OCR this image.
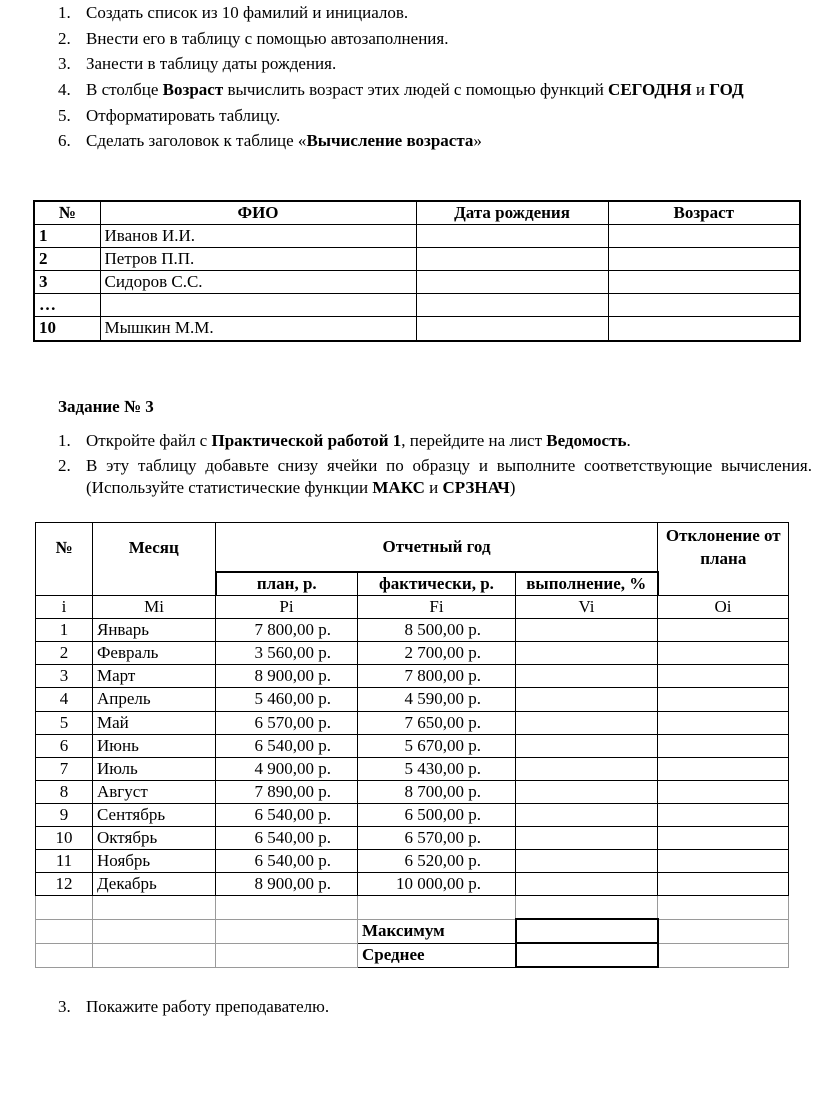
1. Создать список из 10 фамилий и инициалов.
2. Внести его в таблицу с помощью автозаполнения.
3. Занести в таблицу даты рождения.
4. В столбце Возраст вычислить возраст этих людей с помощью функций СЕГОДНЯ и ГОД
5. Отформатировать таблицу.
6. Сделать заголовок к таблице «Вычисление возраста»
№	ФИО	Дата рождения	Возраст
1	Иванов И.И.		
2	Петров П.П.		
3	Сидоров С.С.		
…			
10	Мышкин М.М.		
Задание № 3
1. Откройте файл с Практической работой 1, перейдите на лист Ведомость.
2. В эту таблицу добавьте снизу ячейки по образцу и выполните соответствующие вычисления. (Используйте статистические функции МАКС и СРЗНАЧ)
№	Месяц	Отчетный год			Отклонение от плана
		план, р.	фактически, р.	выполнение, %	
i	Mi	Pi	Fi	Vi	Oi
1	Январь	7 800,00 р.	8 500,00 р.		
2	Февраль	3 560,00 р.	2 700,00 р.		
3	Март	8 900,00 р.	7 800,00 р.		
4	Апрель	5 460,00 р.	4 590,00 р.		
5	Май	6 570,00 р.	7 650,00 р.		
6	Июнь	6 540,00 р.	5 670,00 р.		
7	Июль	4 900,00 р.	5 430,00 р.		
8	Август	7 890,00 р.	8 700,00 р.		
9	Сентябрь	6 540,00 р.	6 500,00 р.		
10	Октябрь	6 540,00 р.	6 570,00 р.		
11	Ноябрь	6 540,00 р.	6 520,00 р.		
12	Декабрь	8 900,00 р.	10 000,00 р.		

			Максимум		
			Среднее		
3. Покажите работу преподавателю.
